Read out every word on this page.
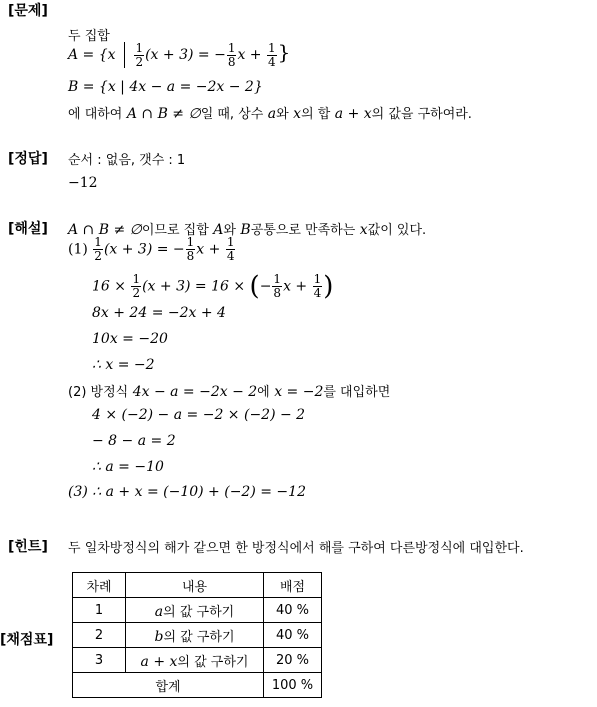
[문제]
[정답]
[해설]
[힌트]
[채점표]
두 집합
$A = \{x \frac{1}{2} (x + 3)$ = − $\frac{1}{8}$ $x + \frac{1}{4}$ }
B = {x | 4x − a = −2x − 2}
에 대하여 A ∩ B ≠ ∅일 때, 상수 a와 x의 합 a + x의 값을 구하여라.
순서 : 없음, 갯수 : 1
−12
A ∩ B ≠ ∅이므로 집합 A와 B공통으로 만족하는 x값이 있다.
$(1) \frac{1}{2} (x + 3)$ = − $\frac{1}{8}$ $x + \frac{1}{4}$
$16 \times \frac{1}{2} (x + 3) = 16$ × (− $\frac{1}{8}$ $x + \frac{1}{4}$ )
8x + 24 = −2x + 4
10x = −20
∴ x = −2
(2) 방정식 4x − a = −2x − 2에 x = −2를 대입하면
4 × (−2) − a = −2 × (−2) − 2
− 8 − a = 2
∴ a = −10
(3) ∴ a + x = (−10) + (−2) = −12
두 일차방정식의 해가 같으면 한 방정식에서 해를 구하여 다른방정식에 대입한다.
차례	내용	배점
1	a의 값 구하기	40 %
2	b의 값 구하기	40 %
3	a + x의 값 구하기	20 %
합계		100 %
